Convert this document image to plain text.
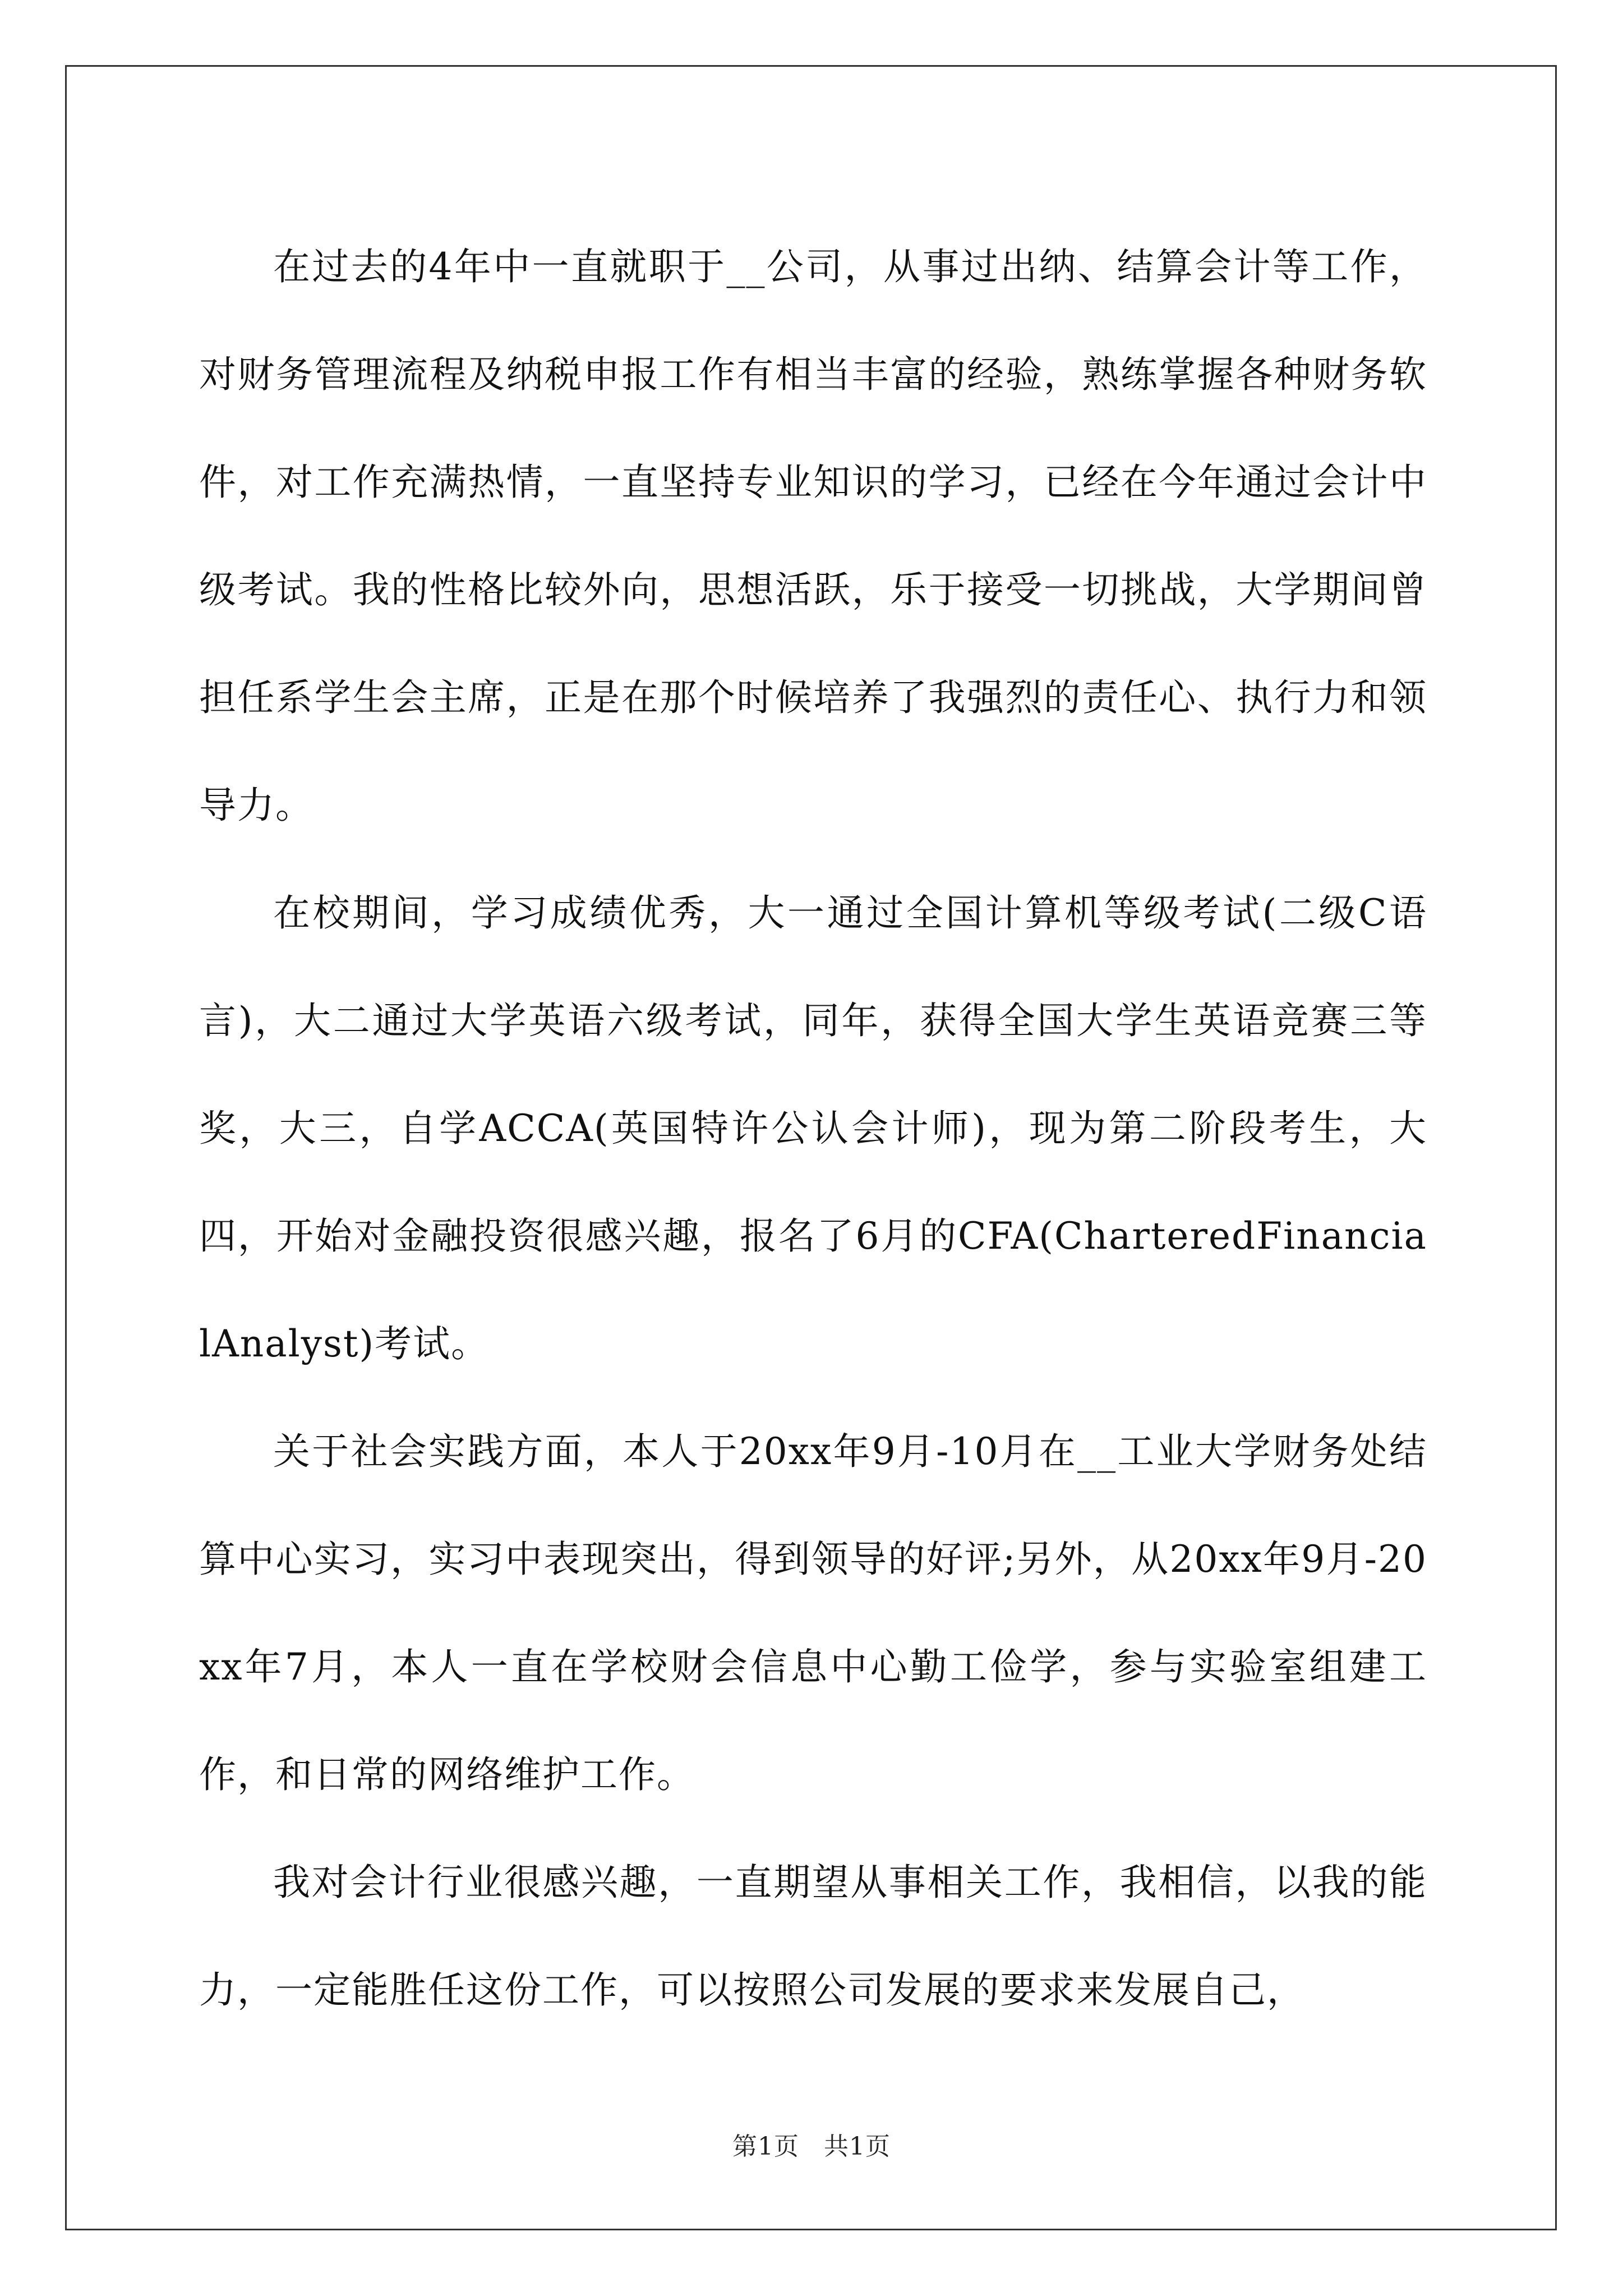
在过去的4年中一直就职于__公司，从事过出纳、结算会计等工作，对财务管理流程及纳税申报工作有相当丰富的经验，熟练掌握各种财务软件，对工作充满热情，一直坚持专业知识的学习，已经在今年通过会计中级考试。我的性格比较外向，思想活跃，乐于接受一切挑战，大学期间曾担任系学生会主席，正是在那个时候培养了我强烈的责任心、执行力和领导力。

在校期间，学习成绩优秀，大一通过全国计算机等级考试(二级C语言)，大二通过大学英语六级考试，同年，获得全国大学生英语竞赛三等奖，大三，自学ACCA(英国特许公认会计师)，现为第二阶段考生，大四，开始对金融投资很感兴趣，报名了6月的CFA(CharteredFinancialAnalyst)考试。

关于社会实践方面，本人于20xx年9月-10月在__工业大学财务处结算中心实习，实习中表现突出，得到领导的好评;另外，从20xx年9月-20xx年7月，本人一直在学校财会信息中心勤工俭学，参与实验室组建工作，和日常的网络维护工作。

我对会计行业很感兴趣，一直期望从事相关工作，我相信，以我的能力，一定能胜任这份工作，可以按照公司发展的要求来发展自己，

第1页 共1页
